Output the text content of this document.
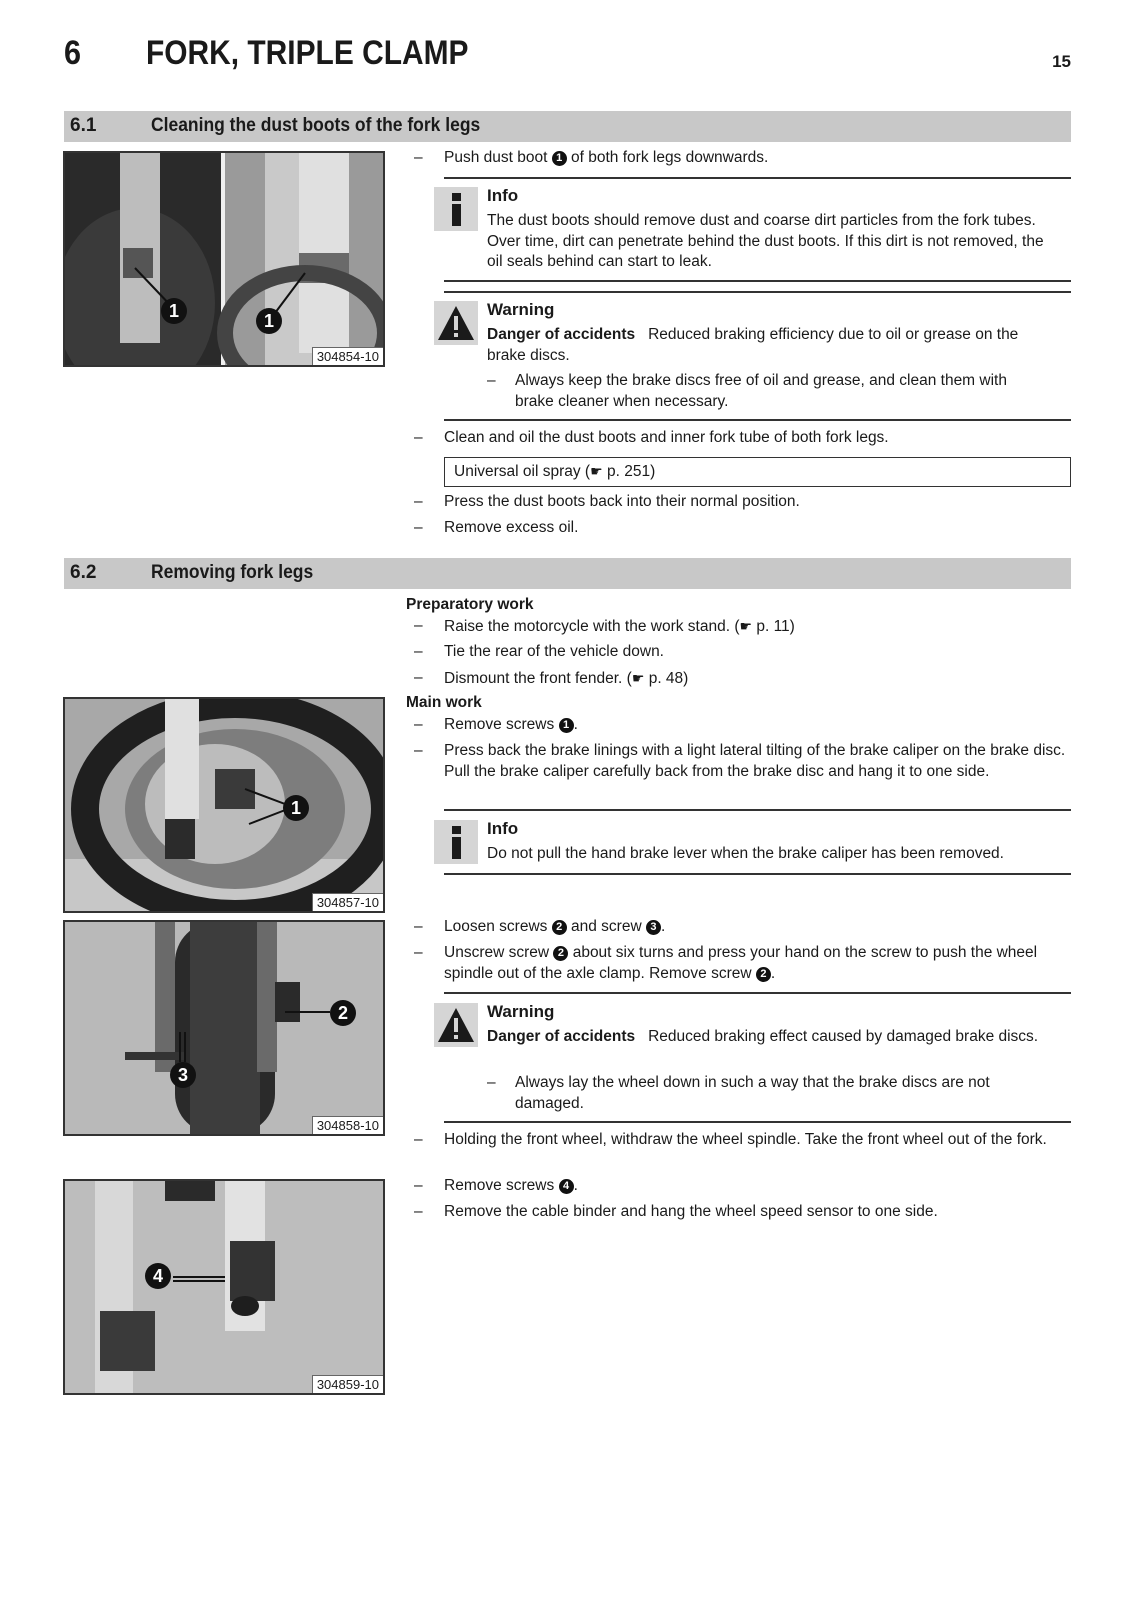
6 FORK, TRIPLE CLAMP	15
6.1	Cleaning the dust boots of the fork legs
1	1
304854-10
– Push dust boot 1 of both fork legs downwards.
Info
The dust boots should remove dust and coarse dirt particles from the fork tubes. Over time, dirt can penetrate behind the dust boots. If this dirt is not removed, the oil seals behind can start to leak.
Warning
Danger of accidents Reduced braking efficiency due to oil or grease on the brake discs.
– Always keep the brake discs free of oil and grease, and clean them with brake cleaner when necessary.
– Clean and oil the dust boots and inner fork tube of both fork legs.
Universal oil spray (☛ p. 251)
– Press the dust boots back into their normal position.
– Remove excess oil.
6.2	Removing fork legs
Preparatory work
– Raise the motorcycle with the work stand. (☛ p. 11)
– Tie the rear of the vehicle down.
– Dismount the front fender. (☛ p. 48)
Main work
– Remove screws 1 .
– Press back the brake linings with a light lateral tilting of the brake caliper on the brake disc. Pull the brake caliper carefully back from the brake disc and hang it to one side.
Info
Do not pull the hand brake lever when the brake caliper has been removed.
1
304857-10
2
3
304858-10
– Loosen screws 2 and screw 3 .
– Unscrew screw 2 about six turns and press your hand on the screw to push the wheel spindle out of the axle clamp. Remove screw 2 .
Warning
Danger of accidents Reduced braking effect caused by damaged brake discs.
– Always lay the wheel down in such a way that the brake discs are not damaged.
– Holding the front wheel, withdraw the wheel spindle. Take the front wheel out of the fork.
– Remove screws 4 .
– Remove the cable binder and hang the wheel speed sensor to one side.
4
304859-10
